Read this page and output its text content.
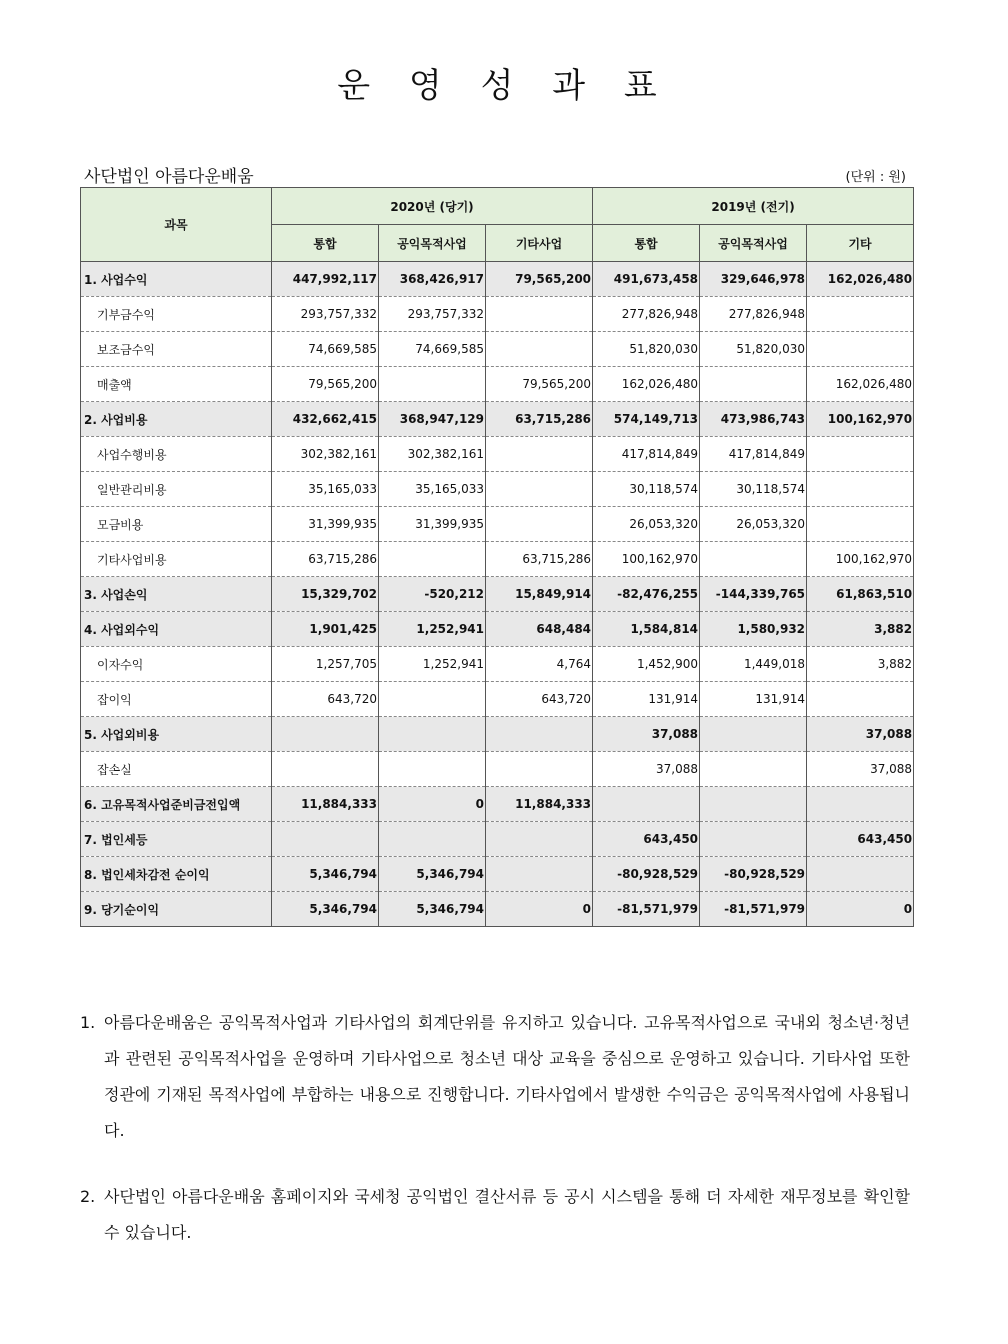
운 영 성 과 표
사단법인 아름다운배움	(단위 : 원)
과목	2020년 (당기)			2019년 (전기)		
	통합	공익목적사업	기타사업	통합	공익목적사업	기타
1. 사업수익	447,992,117	368,426,917	79,565,200	491,673,458	329,646,978	162,026,480
기부금수익	293,757,332	293,757,332		277,826,948	277,826,948	
보조금수익	74,669,585	74,669,585		51,820,030	51,820,030	
매출액	79,565,200		79,565,200	162,026,480		162,026,480
2. 사업비용	432,662,415	368,947,129	63,715,286	574,149,713	473,986,743	100,162,970
사업수행비용	302,382,161	302,382,161		417,814,849	417,814,849	
일반관리비용	35,165,033	35,165,033		30,118,574	30,118,574	
모금비용	31,399,935	31,399,935		26,053,320	26,053,320	
기타사업비용	63,715,286		63,715,286	100,162,970		100,162,970
3. 사업손익	15,329,702	-520,212	15,849,914	-82,476,255	-144,339,765	61,863,510
4. 사업외수익	1,901,425	1,252,941	648,484	1,584,814	1,580,932	3,882
이자수익	1,257,705	1,252,941	4,764	1,452,900	1,449,018	3,882
잡이익	643,720		643,720	131,914	131,914	
5. 사업외비용				37,088		37,088
잡손실				37,088		37,088
6. 고유목적사업준비금전입액	11,884,333	0	11,884,333			
7. 법인세등				643,450		643,450
8. 법인세차감전 순이익	5,346,794	5,346,794		-80,928,529	-80,928,529	
9. 당기순이익	5,346,794	5,346,794	0	-81,571,979	-81,571,979	0
1. 아름다운배움은 공익목적사업과 기타사업의 회계단위를 유지하고 있습니다. 고유목적사업으로 국내외 청소년·청년과 관련된 공익목적사업을 운영하며 기타사업으로 청소년 대상 교육을 중심으로 운영하고 있습니다. 기타사업 또한 정관에 기재된 목적사업에 부합하는 내용으로 진행합니다. 기타사업에서 발생한 수익금은 공익목적사업에 사용됩니다.
2. 사단법인 아름다운배움 홈페이지와 국세청 공익법인 결산서류 등 공시 시스템을 통해 더 자세한 재무정보를 확인할 수 있습니다.
